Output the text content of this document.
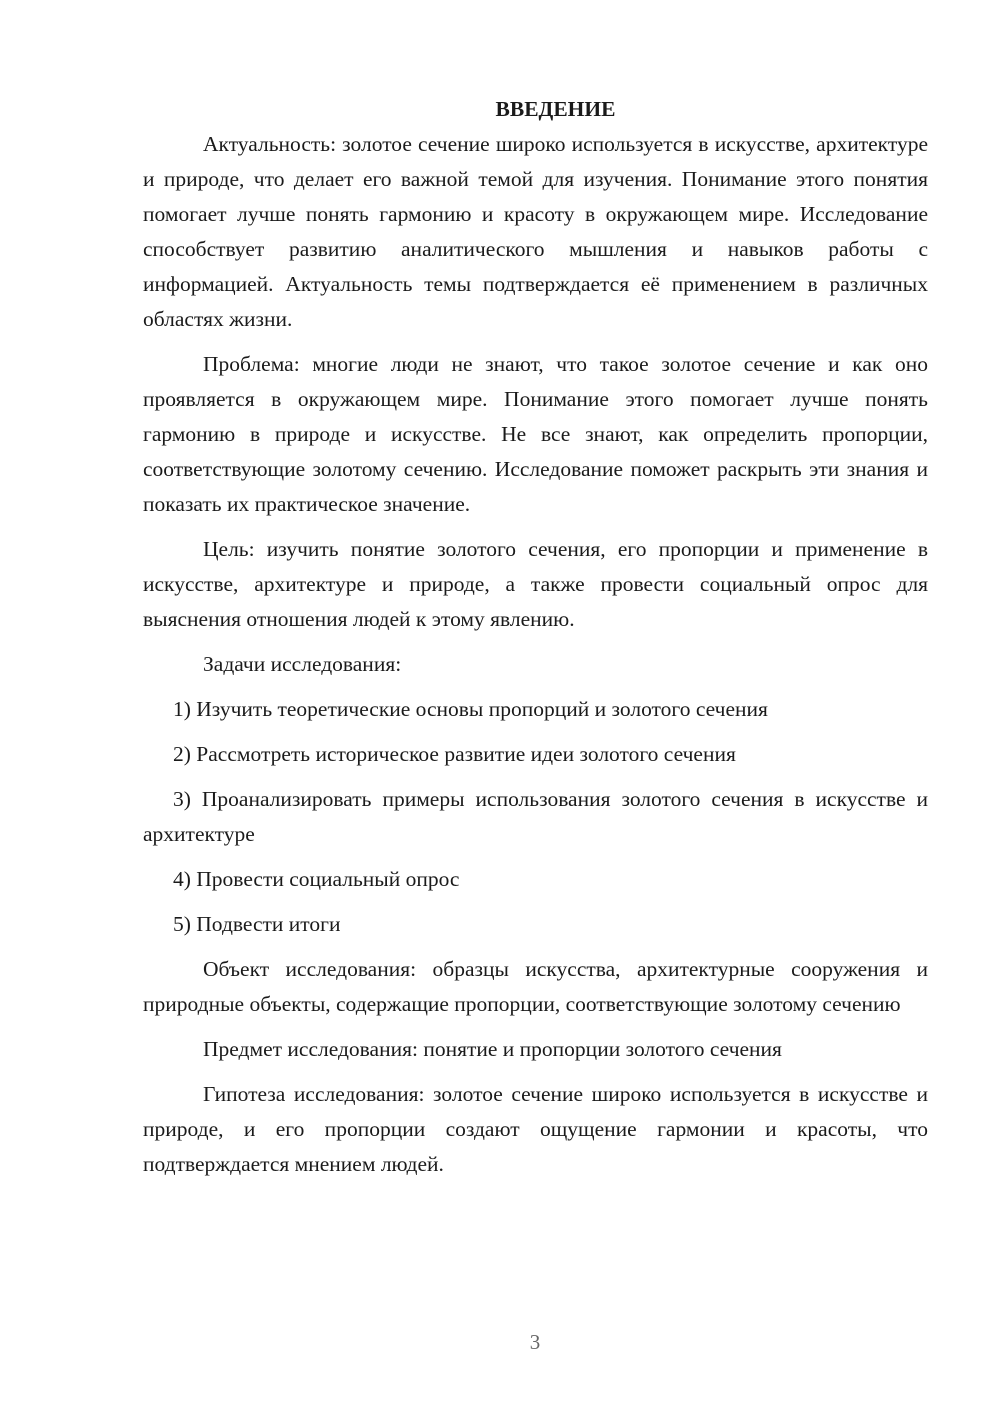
ВВЕДЕНИЕ

Актуальность: золотое сечение широко используется в искусстве, архитектуре и природе, что делает его важной темой для изучения. Понимание этого понятия помогает лучше понять гармонию и красоту в окружающем мире. Исследование способствует развитию аналитического мышления и навыков работы с информацией. Актуальность темы подтверждается её применением в различных областях жизни.

Проблема: многие люди не знают, что такое золотое сечение и как оно проявляется в окружающем мире. Понимание этого помогает лучше понять гармонию в природе и искусстве. Не все знают, как определить пропорции, соответствующие золотому сечению. Исследование поможет раскрыть эти знания и показать их практическое значение.

Цель: изучить понятие золотого сечения, его пропорции и применение в искусстве, архитектуре и природе, а также провести социальный опрос для выяснения отношения людей к этому явлению.

Задачи исследования:

1) Изучить теоретические основы пропорций и золотого сечения

2) Рассмотреть историческое развитие идеи золотого сечения

3) Проанализировать примеры использования золотого сечения в искусстве и архитектуре

4) Провести социальный опрос

5) Подвести итоги

Объект исследования: образцы искусства, архитектурные сооружения и природные объекты, содержащие пропорции, соответствующие золотому сечению

Предмет исследования: понятие и пропорции золотого сечения

Гипотеза исследования: золотое сечение широко используется в искусстве и природе, и его пропорции создают ощущение гармонии и красоты, что подтверждается мнением людей.

3
